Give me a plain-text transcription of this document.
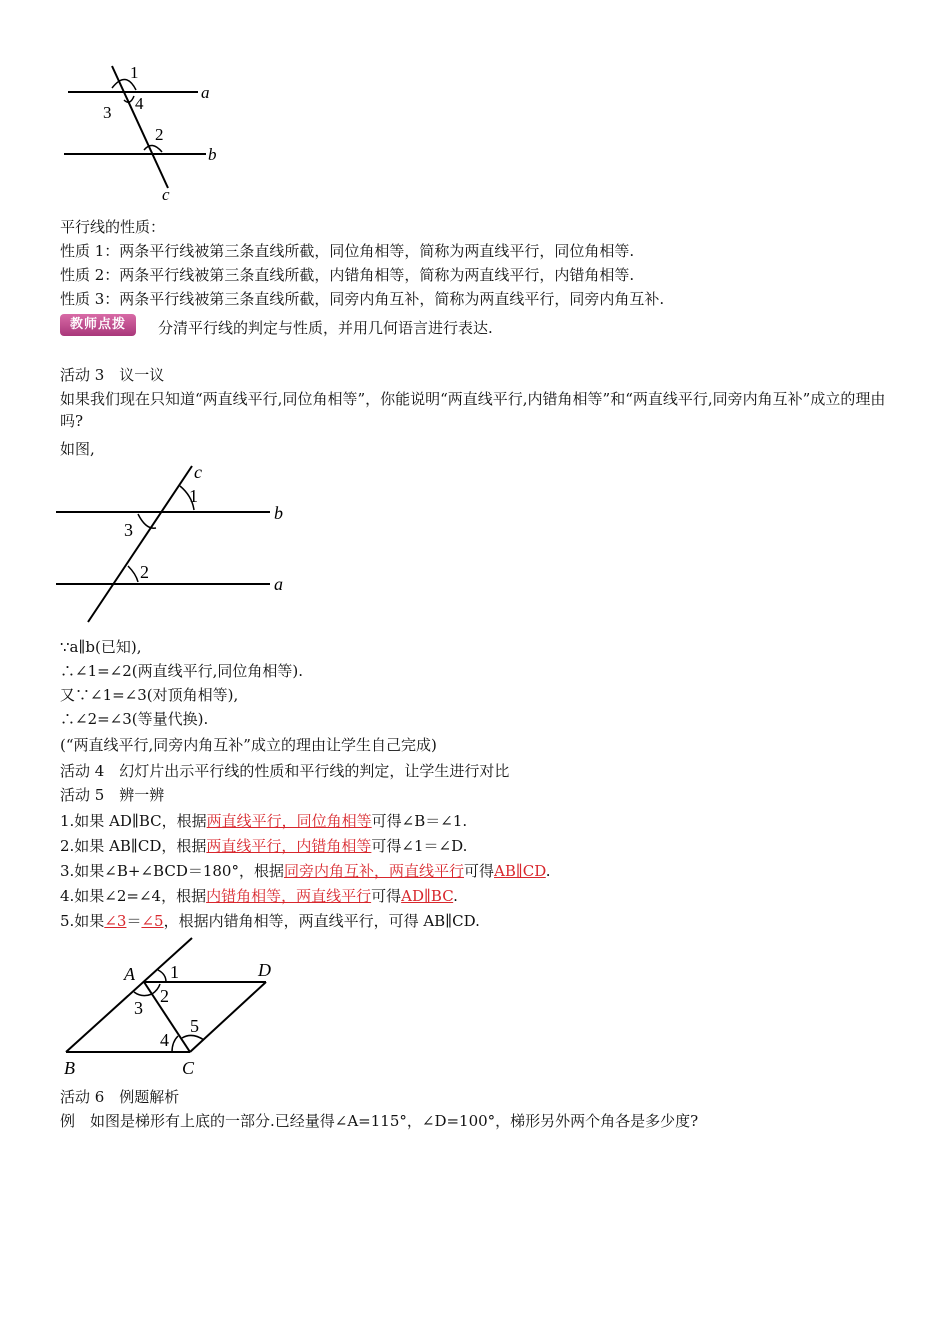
1
4
3
2
a
b
c
平行线的性质：
性质 1：两条平行线被第三条直线所截，同位角相等，简称为两直线平行，同位角相等.
性质 2：两条平行线被第三条直线所截，内错角相等，简称为两直线平行，内错角相等.
性质 3：两条平行线被第三条直线所截，同旁内角互补，简称为两直线平行，同旁内角互补.
教师点拨	分清平行线的判定与性质，并用几何语言进行表达.
活动 3　议一议
如果我们现在只知道“两直线平行,同位角相等”，你能说明“两直线平行,内错角相等”和“两直线平行,同旁内角互补”成立的理由吗?
如图,
c
1
b
3
2
a
∵a∥b(已知),
∴∠1=∠2(两直线平行,同位角相等).
又∵∠1=∠3(对顶角相等),
∴∠2=∠3(等量代换).
(“两直线平行,同旁内角互补”成立的理由让学生自己完成)
活动 4　幻灯片出示平行线的性质和平行线的判定，让学生进行对比
活动 5　辨一辨
1.如果 AD∥BC，根据两直线平行，同位角相等可得∠B＝∠1.
2.如果 AB∥CD，根据两直线平行，内错角相等可得∠1＝∠D.
3.如果∠B+∠BCD＝180°，根据同旁内角互补，两直线平行可得AB∥CD.
4.如果∠2=∠4，根据内错角相等，两直线平行可得AD∥BC.
5.如果∠3＝∠5，根据内错角相等，两直线平行，可得 AB∥CD.
A 1	D
2
3
5
4
B	C
活动 6　例题解析
例　如图是梯形有上底的一部分.已经量得∠A=115°，∠D=100°，梯形另外两个角各是多少度?
